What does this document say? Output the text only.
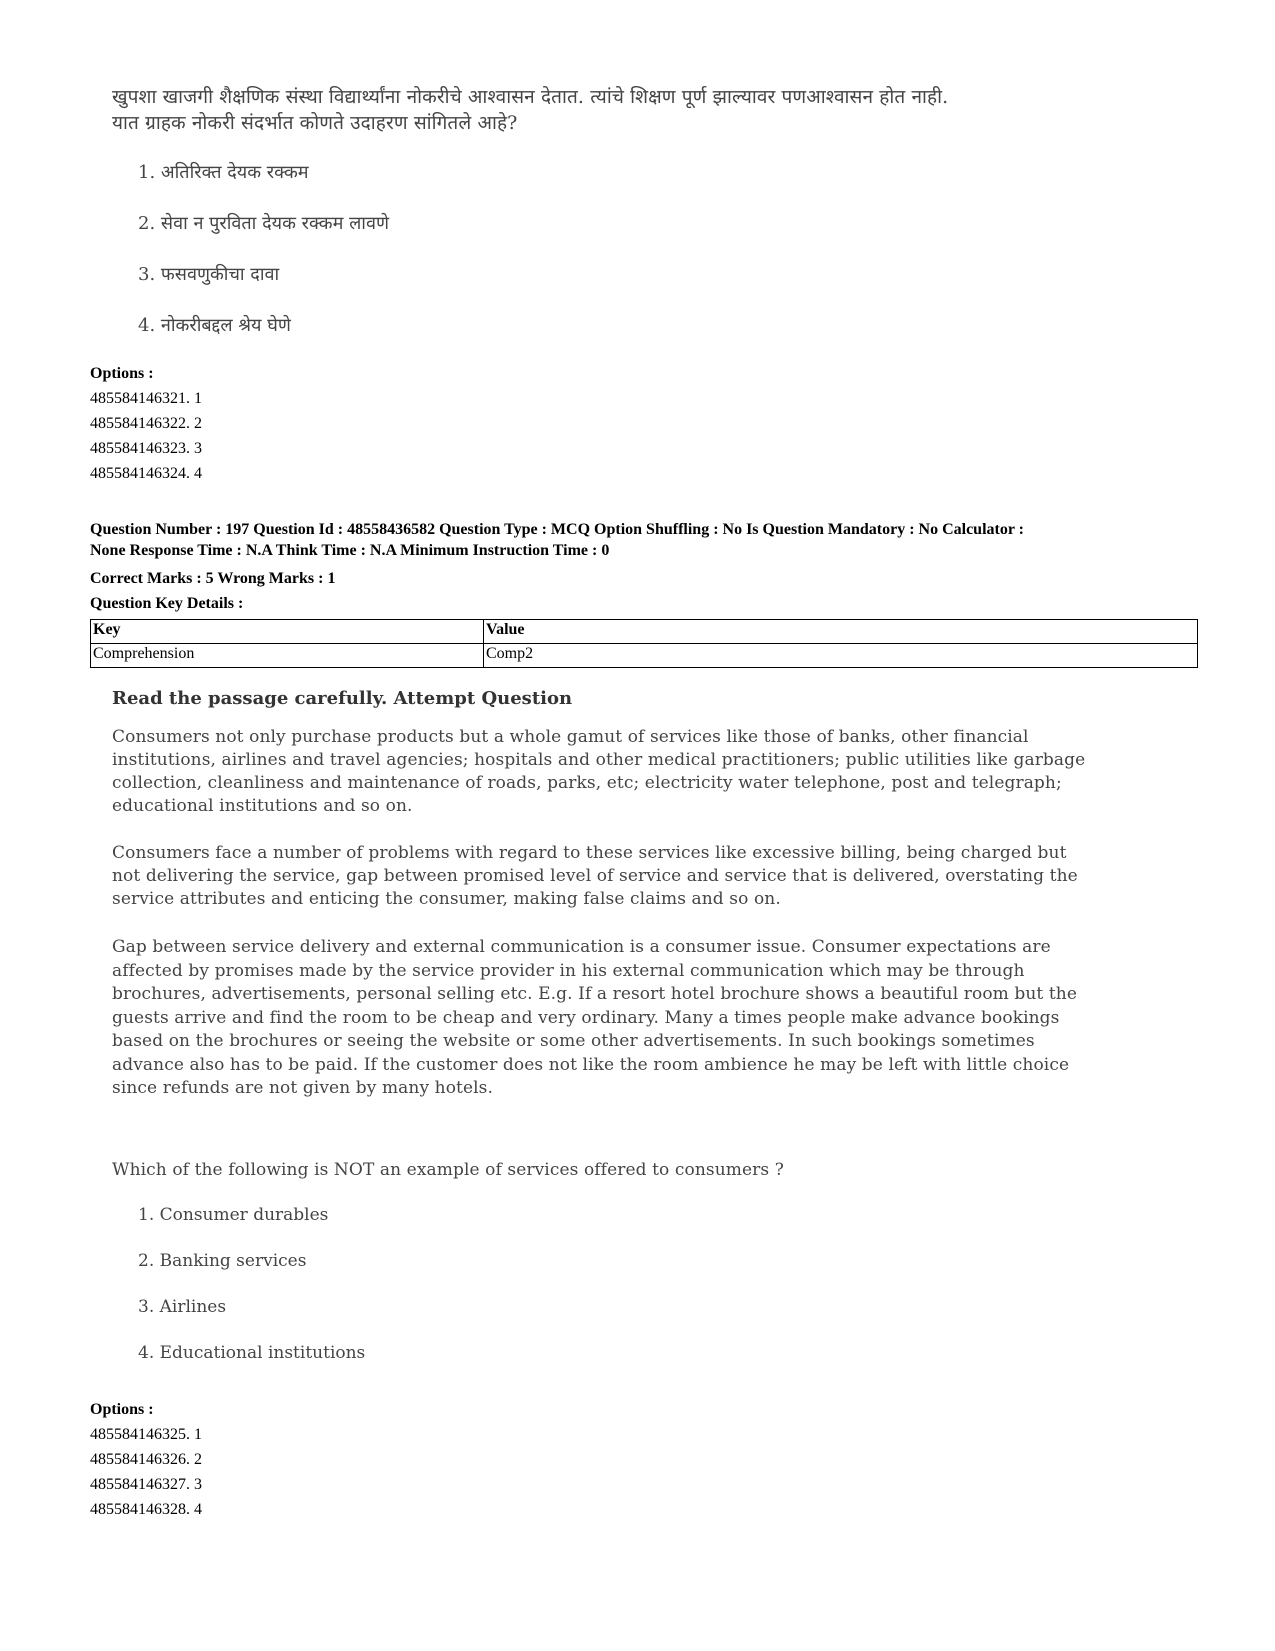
खुपशा खाजगी शैक्षणिक संस्था विद्यार्थ्यांना नोकरीचे आश्वासन देतात. त्यांचे शिक्षण पूर्ण झाल्यावर पणआश्वासन होत नाही.
यात ग्राहक नोकरी संदर्भात कोणते उदाहरण सांगितले आहे?
1. अतिरिक्त देयक रक्कम
2. सेवा न पुरविता देयक रक्कम लावणे
3. फसवणुकीचा दावा
4. नोकरीबद्दल श्रेय घेणे
Options :
485584146321. 1
485584146322. 2
485584146323. 3
485584146324. 4
Question Number : 197 Question Id : 48558436582 Question Type : MCQ Option Shuffling : No Is Question Mandatory : No Calculator :
None Response Time : N.A Think Time : N.A Minimum Instruction Time : 0
Correct Marks : 5 Wrong Marks : 1
Question Key Details :
Key	Value
Comprehension	Comp2
Read the passage carefully. Attempt Question
Consumers not only purchase products but a whole gamut of services like those of banks, other financial
institutions, airlines and travel agencies; hospitals and other medical practitioners; public utilities like garbage
collection, cleanliness and maintenance of roads, parks, etc; electricity water telephone, post and telegraph;
educational institutions and so on.
Consumers face a number of problems with regard to these services like excessive billing, being charged but
not delivering the service, gap between promised level of service and service that is delivered, overstating the
service attributes and enticing the consumer, making false claims and so on.
Gap between service delivery and external communication is a consumer issue. Consumer expectations are
affected by promises made by the service provider in his external communication which may be through
brochures, advertisements, personal selling etc. E.g. If a resort hotel brochure shows a beautiful room but the
guests arrive and find the room to be cheap and very ordinary. Many a times people make advance bookings
based on the brochures or seeing the website or some other advertisements. In such bookings sometimes
advance also has to be paid. If the customer does not like the room ambience he may be left with little choice
since refunds are not given by many hotels.
Which of the following is NOT an example of services offered to consumers ?
1. Consumer durables
2. Banking services
3. Airlines
4. Educational institutions
Options :
485584146325. 1
485584146326. 2
485584146327. 3
485584146328. 4
